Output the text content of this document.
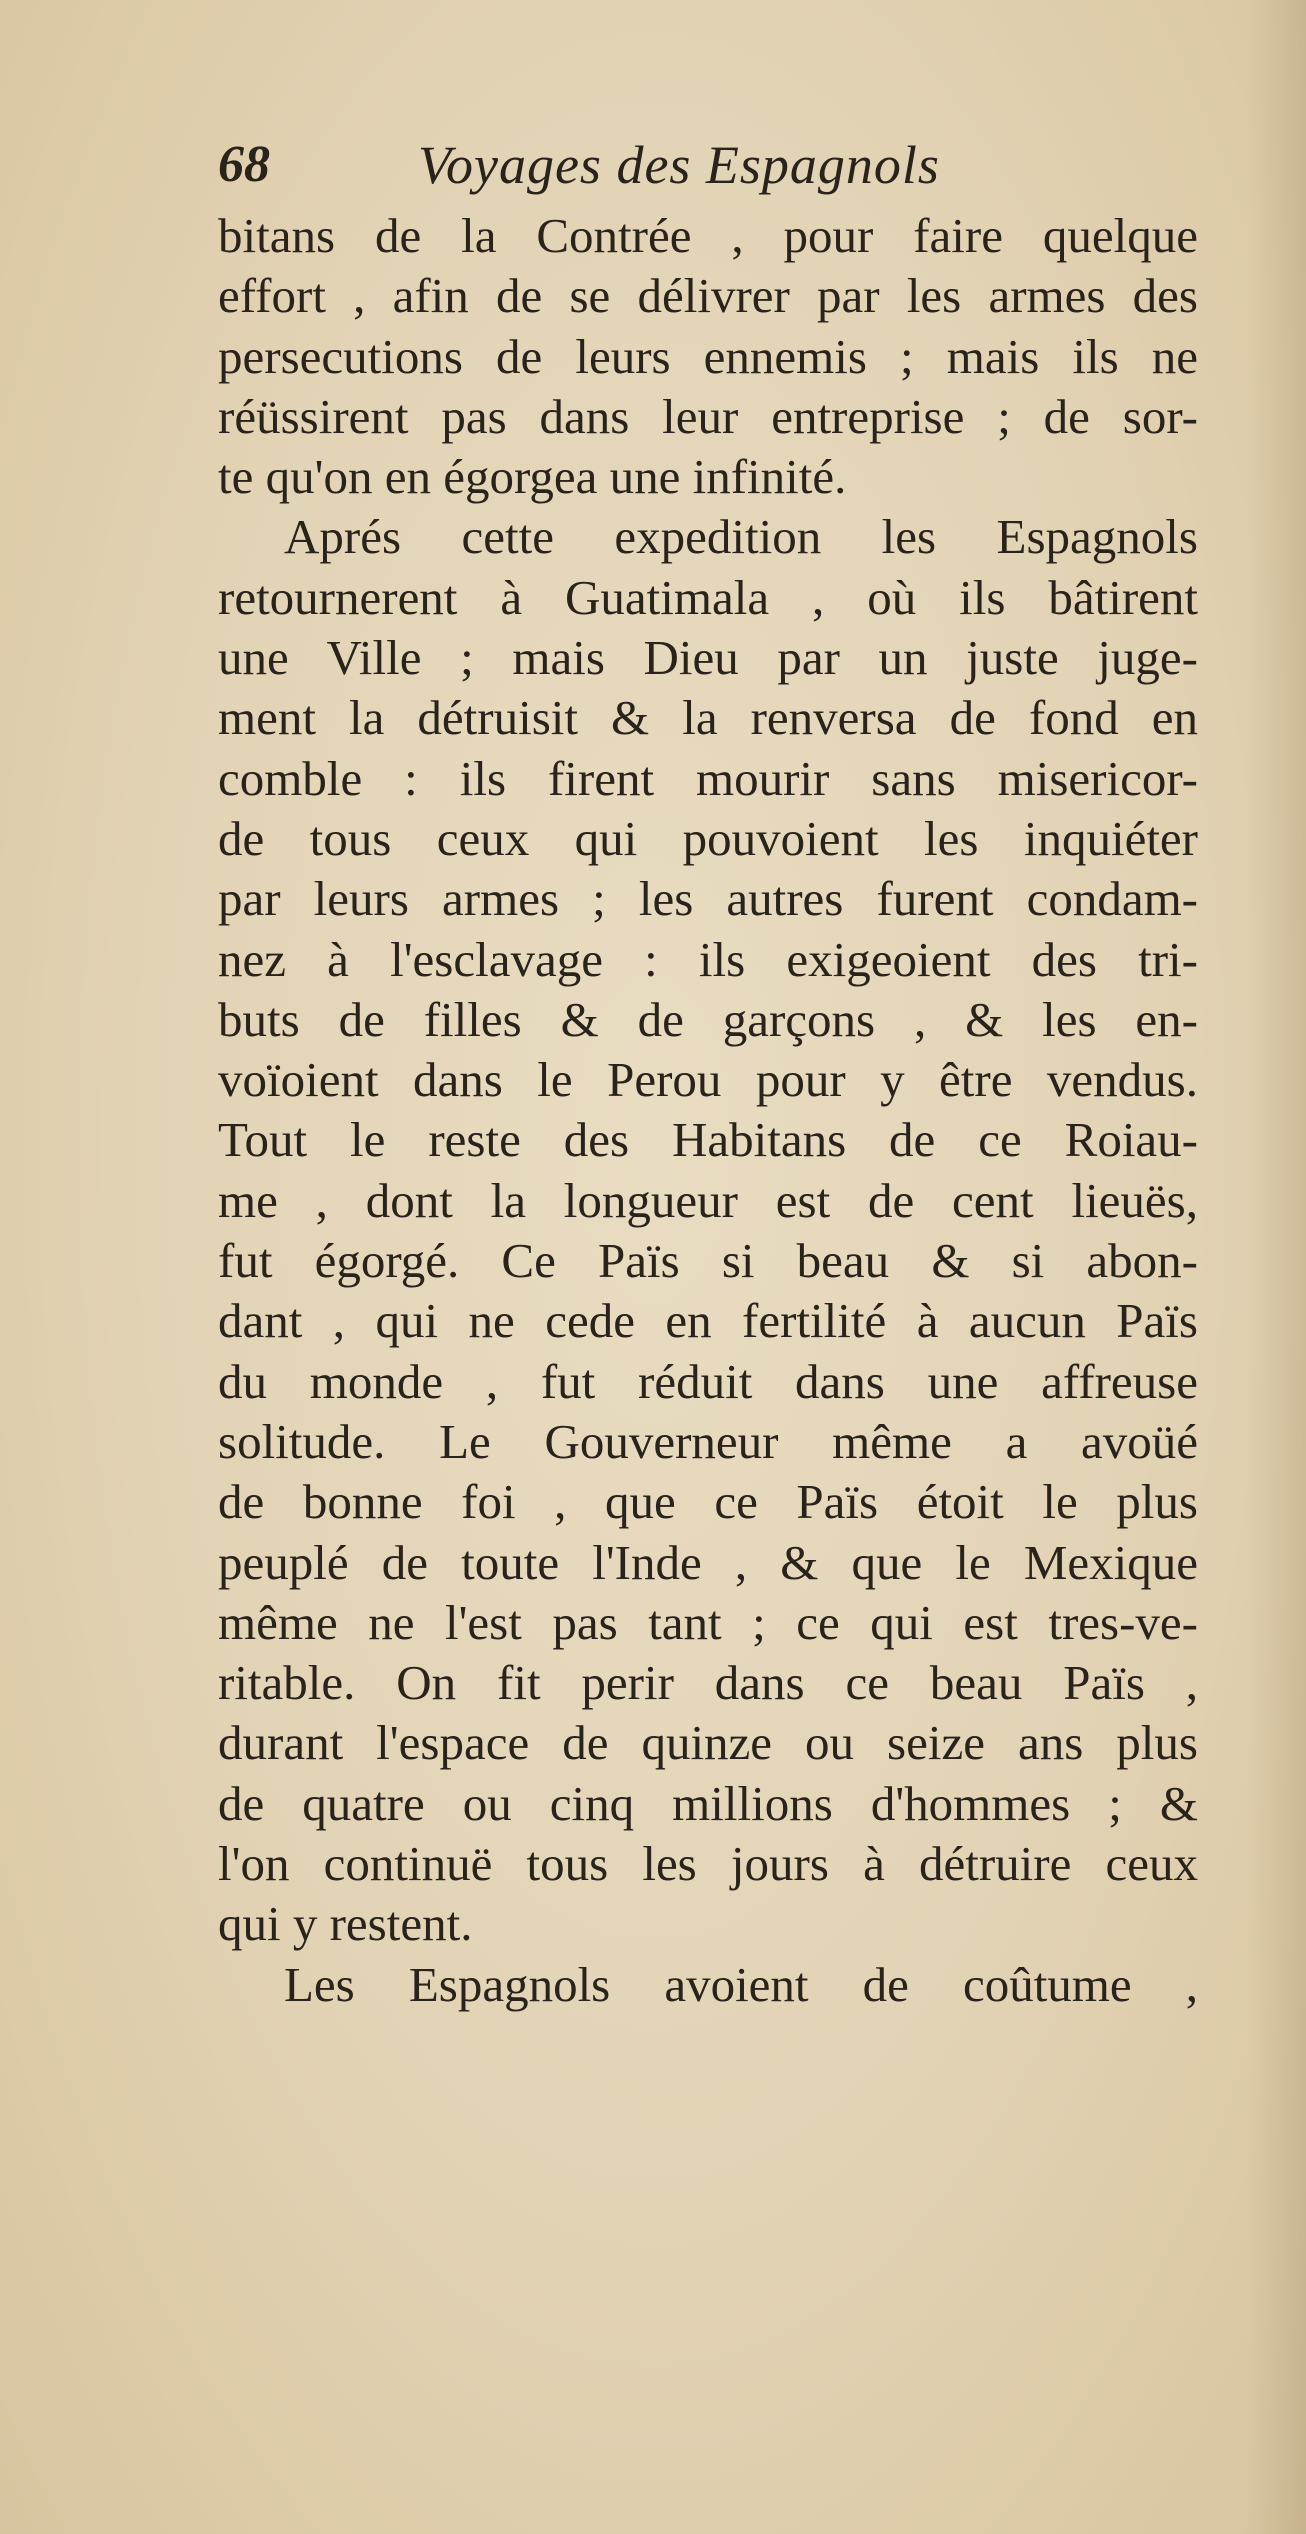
68	Voyages des Espagnols
bitans de la Contrée , pour faire quelque
effort , afin de se délivrer par les armes des
persecutions de leurs ennemis ; mais ils ne
réüssirent pas dans leur entreprise ; de sor-
te qu'on en égorgea une infinité.
Aprés cette expedition les Espagnols
retournerent à Guatimala , où ils bâtirent
une Ville ; mais Dieu par un juste juge-
ment la détruisit & la renversa de fond en
comble : ils firent mourir sans misericor-
de tous ceux qui pouvoient les inquiéter
par leurs armes ; les autres furent condam-
nez à l'esclavage : ils exigeoient des tri-
buts de filles & de garçons , & les en-
voïoient dans le Perou pour y être vendus.
Tout le reste des Habitans de ce Roiau-
me , dont la longueur est de cent lieuës,
fut égorgé. Ce Païs si beau & si abon-
dant , qui ne cede en fertilité à aucun Païs
du monde , fut réduit dans une affreuse
solitude. Le Gouverneur même a avoüé
de bonne foi , que ce Païs étoit le plus
peuplé de toute l'Inde , & que le Mexique
même ne l'est pas tant ; ce qui est tres-ve-
ritable. On fit perir dans ce beau Païs ,
durant l'espace de quinze ou seize ans plus
de quatre ou cinq millions d'hommes ; &
l'on continuë tous les jours à détruire ceux
qui y restent.
Les Espagnols avoient de coûtume ,
